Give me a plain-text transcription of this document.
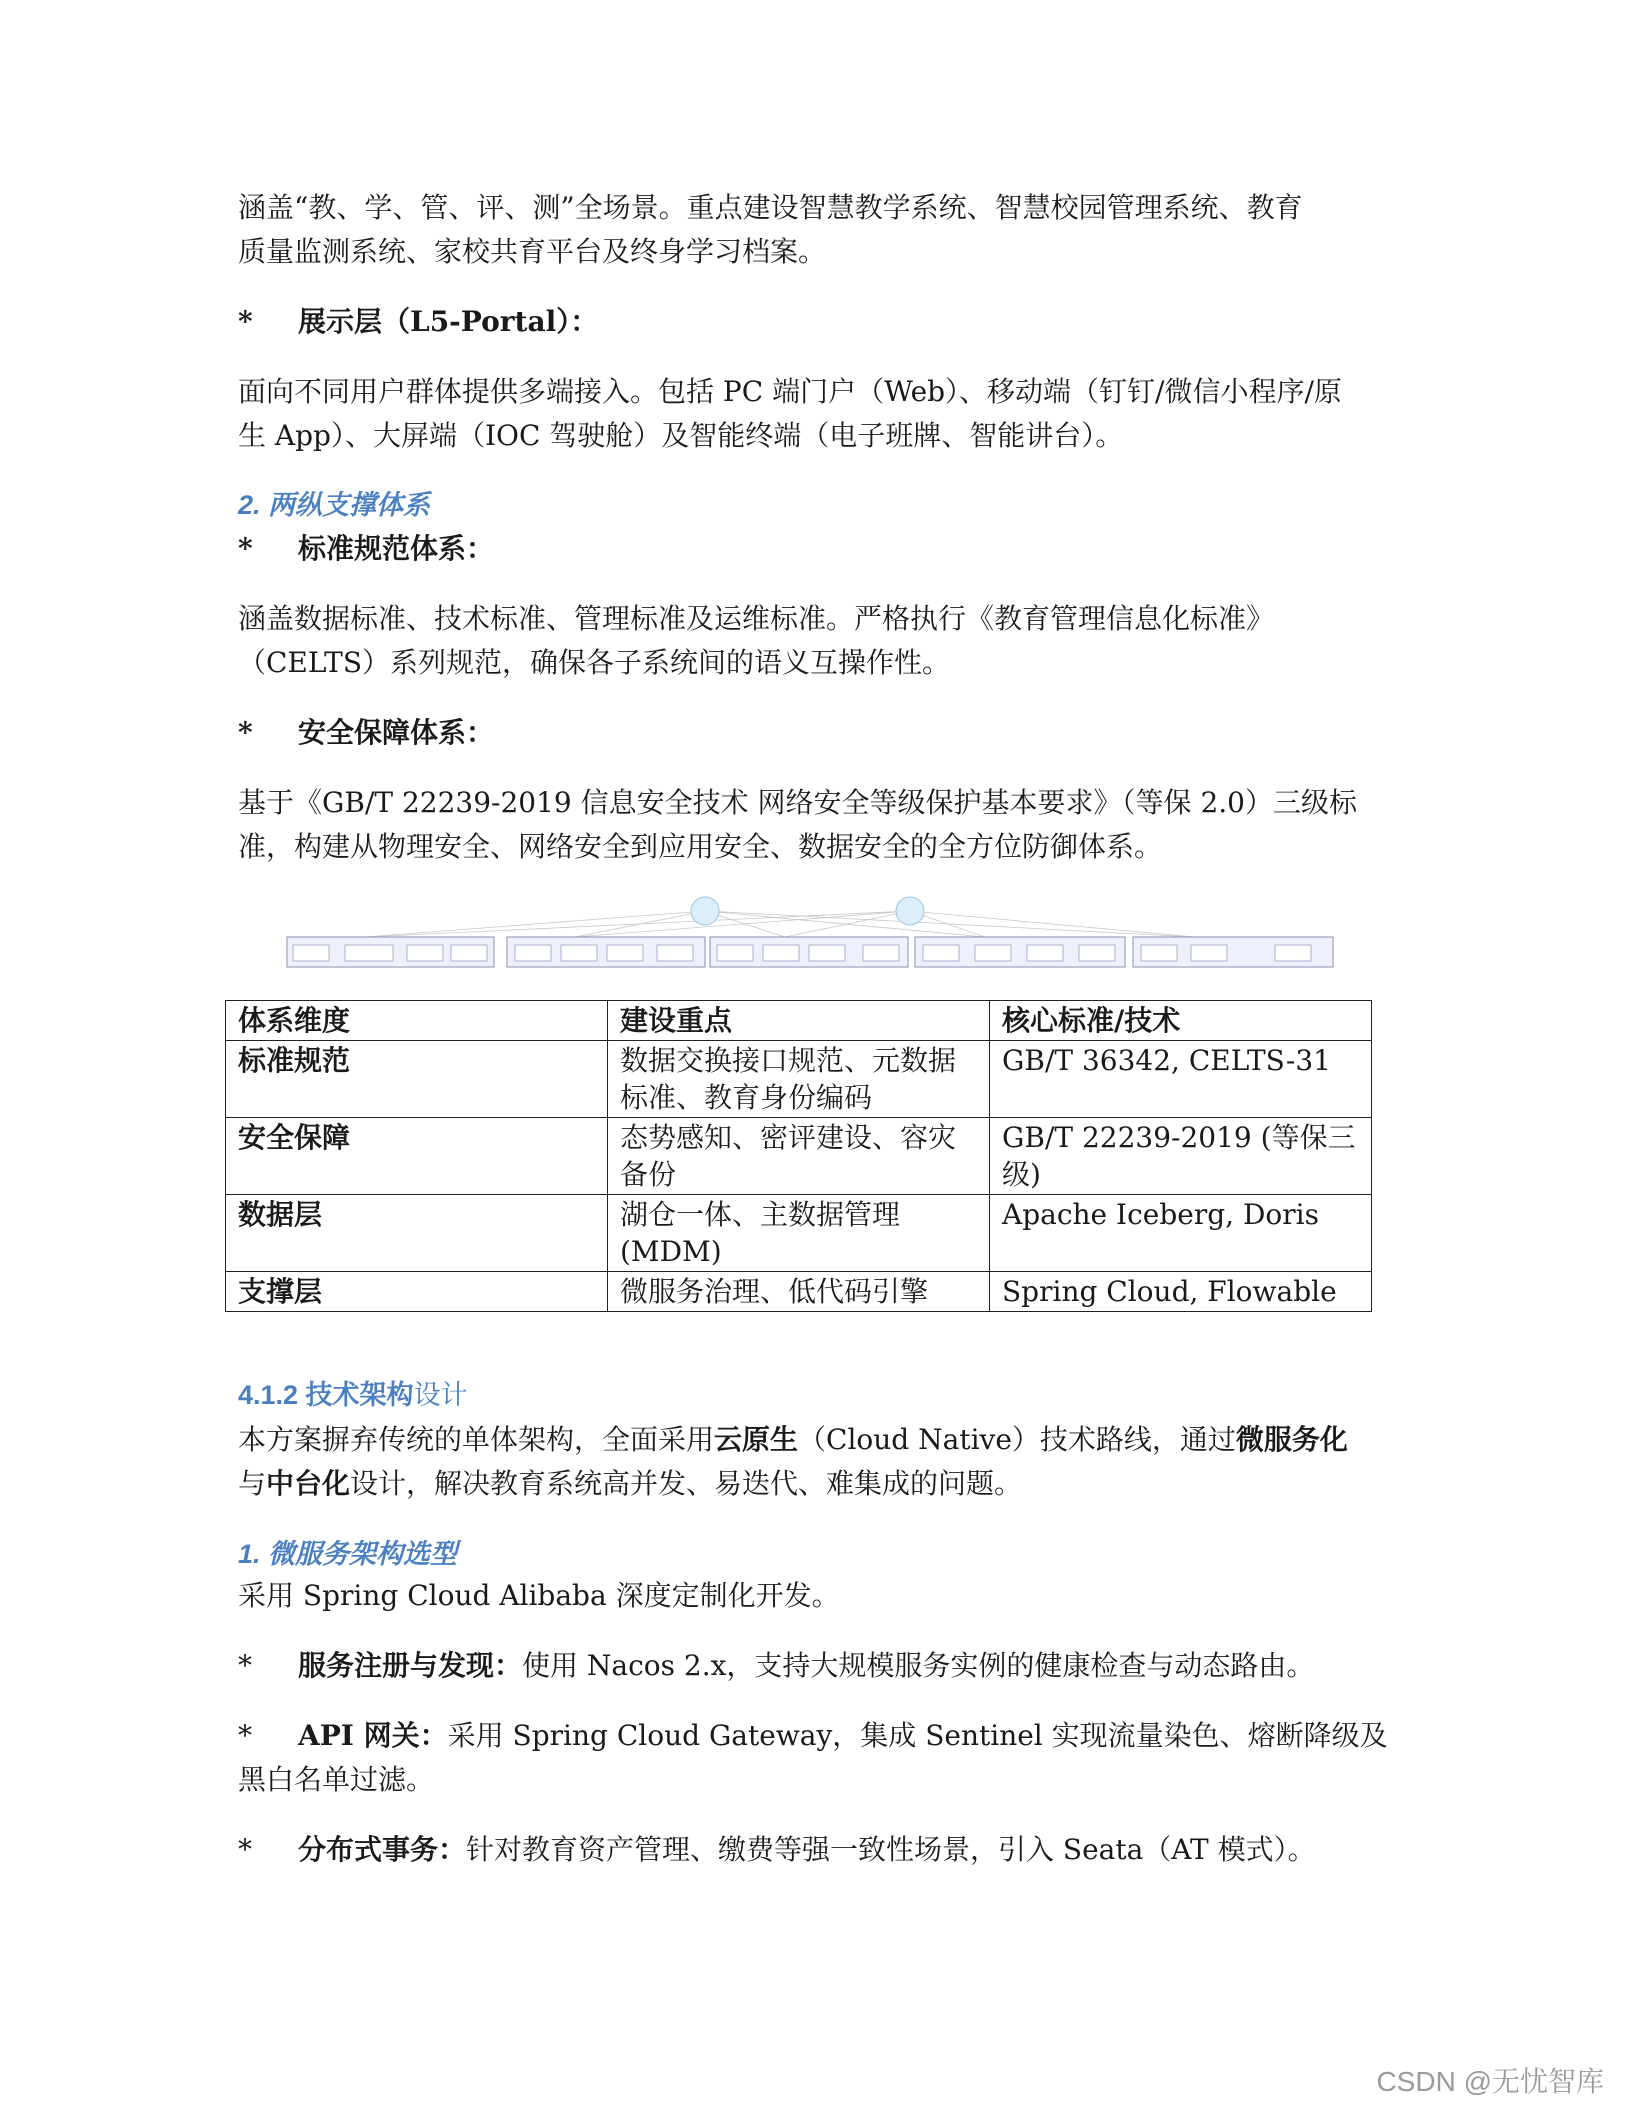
涵盖“教、学、管、评、测”全场景。重点建设智慧教学系统、智慧校园管理系统、教育
质量监测系统、家校共育平台及终身学习档案。

* 展示层（L5-Portal）：

面向不同用户群体提供多端接入。包括 PC 端门户（Web）、移动端（钉钉/微信小程序/原
生 App）、大屏端（IOC 驾驶舱）及智能终端（电子班牌、智能讲台）。

2. 两纵支撑体系
* 标准规范体系：

涵盖数据标准、技术标准、管理标准及运维标准。严格执行《教育管理信息化标准》
（CELTS）系列规范，确保各子系统间的语义互操作性。

* 安全保障体系：

基于《GB/T 22239-2019 信息安全技术 网络安全等级保护基本要求》（等保 2.0）三级标
准，构建从物理安全、网络安全到应用安全、数据安全的全方位防御体系。

体系维度	建设重点	核心标准/技术
标准规范	数据交换接口规范、元数据标准、教育身份编码	GB/T 36342, CELTS-31
安全保障	态势感知、密评建设、容灾备份	GB/T 22239-2019 (等保三级)
数据层	湖仓一体、主数据管理 (MDM)	Apache Iceberg, Doris
支撑层	微服务治理、低代码引擎	Spring Cloud, Flowable
4.1.2 技术架构设计

本方案摒弃传统的单体架构，全面采用云原生（Cloud Native）技术路线，通过微服务化
与中台化设计，解决教育系统高并发、易迭代、难集成的问题。

1. 微服务架构选型

采用 Spring Cloud Alibaba 深度定制化开发。

* 服务注册与发现：使用 Nacos 2.x，支持大规模服务实例的健康检查与动态路由。
* API 网关：采用 Spring Cloud Gateway，集成 Sentinel 实现流量染色、熔断降级及
黑白名单过滤。
* 分布式事务：针对教育资产管理、缴费等强一致性场景，引入 Seata（AT 模式）。
CSDN @无忧智库
